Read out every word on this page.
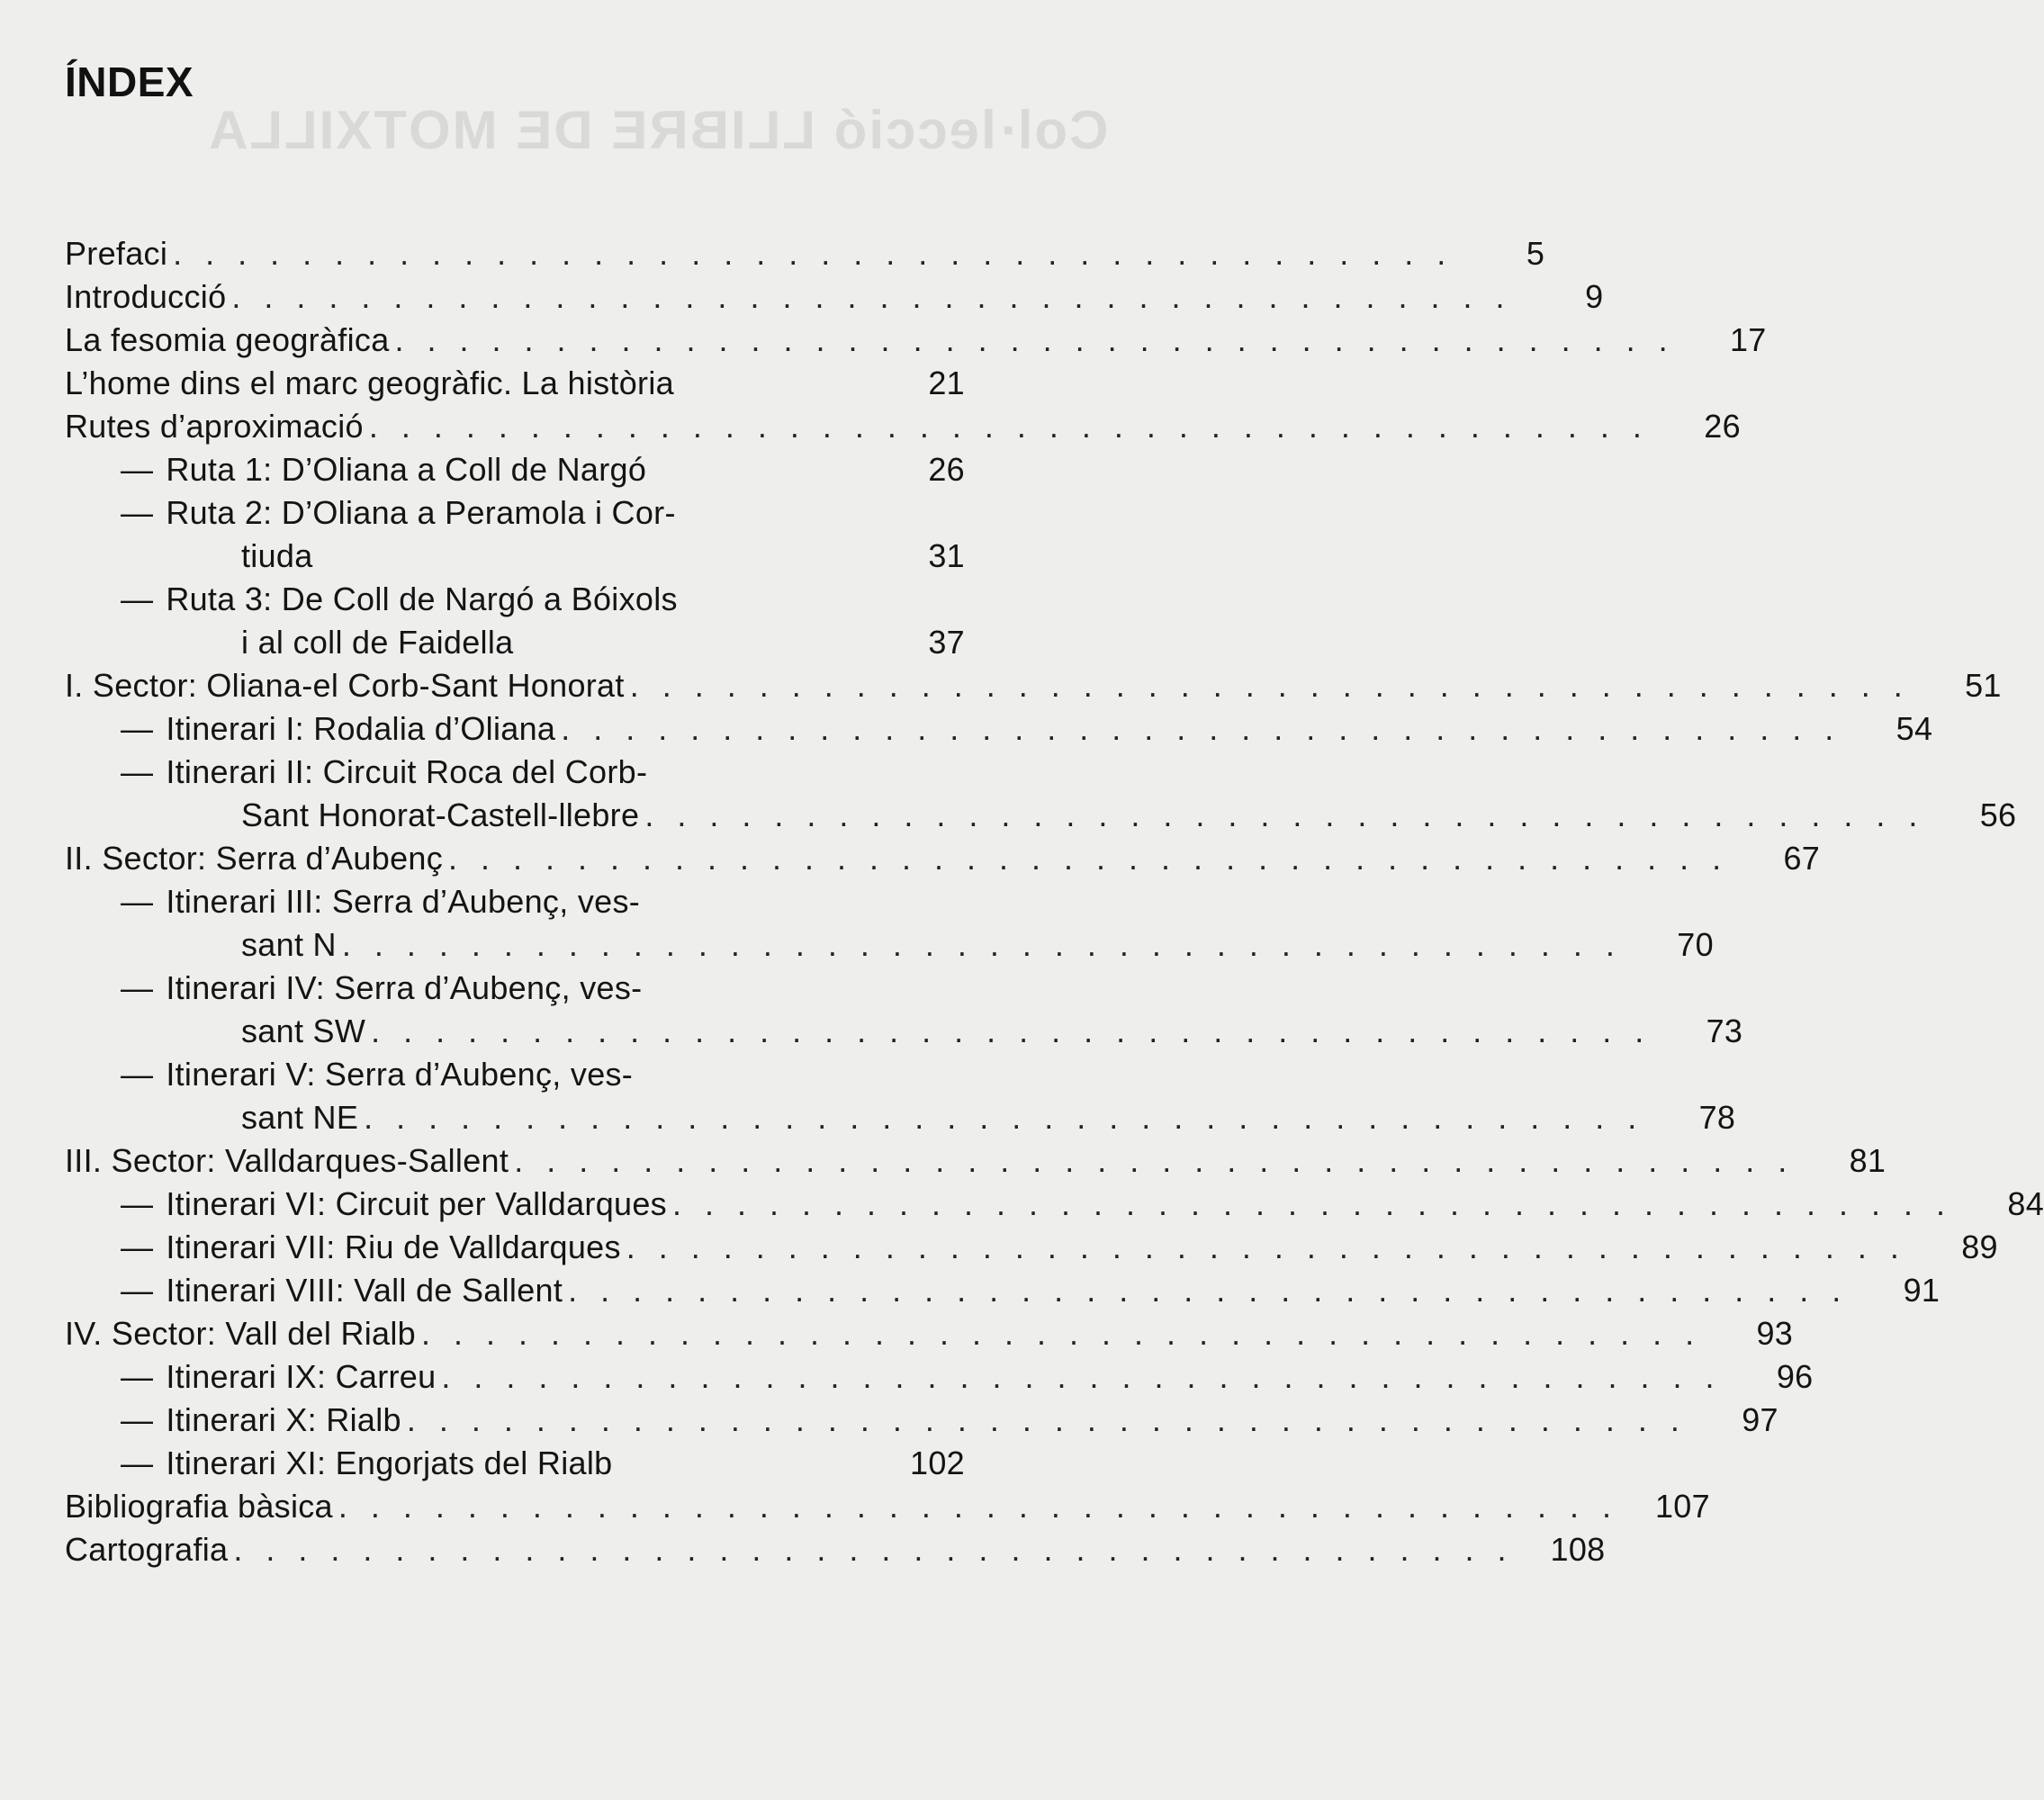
Col·lecció LLIBRE DE MOTXILLA
ÍNDEX
Prefaci ........................................	5
Introducció ........................................	9
La fesomia geogràfica ........................................	17
L’home dins el marc geogràfic. La història	21
Rutes d’aproximació ........................................	26
— Ruta 1: D’Oliana a Coll de Nargó	26
— Ruta 2: D’Oliana a Peramola i Cor-
tiuda	31
— Ruta 3: De Coll de Nargó a Bóixols
i al coll de Faidella	37
I. Sector: Oliana-el Corb-Sant Honorat ........................................	51
— Itinerari I: Rodalia d’Oliana ........................................	54
— Itinerari II: Circuit Roca del Corb-
Sant Honorat-Castell-llebre ........................................	56
II. Sector: Serra d’Aubenç ........................................	67
— Itinerari III: Serra d’Aubenç, ves-
sant N ........................................	70
— Itinerari IV: Serra d’Aubenç, ves-
sant SW ........................................	73
— Itinerari V: Serra d’Aubenç, ves-
sant NE ........................................	78
III. Sector: Valldarques-Sallent ........................................	81
— Itinerari VI: Circuit per Valldarques ........................................	84
— Itinerari VII: Riu de Valldarques ........................................	89
— Itinerari VIII: Vall de Sallent ........................................	91
IV. Sector: Vall del Rialb ........................................	93
— Itinerari IX: Carreu ........................................	96
— Itinerari X: Rialb ........................................	97
— Itinerari XI: Engorjats del Rialb	102
Bibliografia bàsica ........................................ 107
Cartografia ........................................ 108
